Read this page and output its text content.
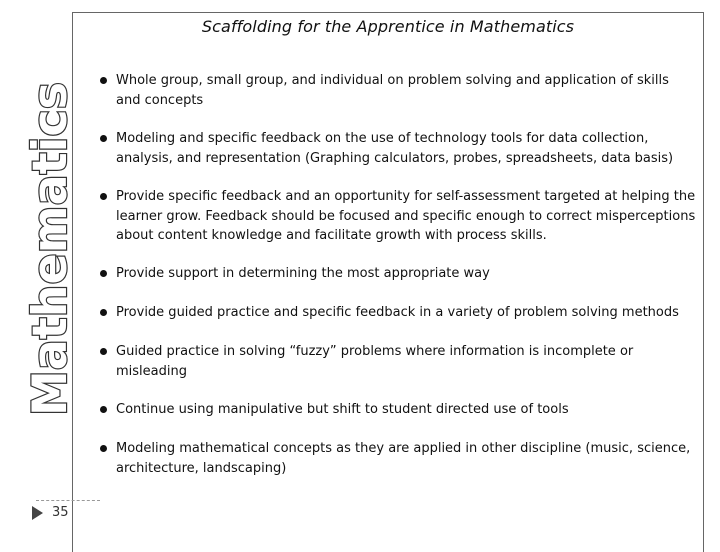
Mathematics
Scaffolding for the Apprentice in Mathematics
Whole group, small group, and individual on problem solving and application of skills and concepts
Modeling and specific feedback on the use of technology tools for data collection, analysis, and representation (Graphing calculators, probes, spreadsheets, data basis)
Provide specific feedback and an opportunity for self-assessment targeted at helping the learner grow. Feedback should be focused and specific enough to correct misperceptions about content knowledge and facilitate growth with process skills.
Provide support in determining the most appropriate way
Provide guided practice and specific feedback in a variety of problem solving methods
Guided practice in solving “fuzzy” problems where information is incomplete or misleading
Continue using manipulative but shift to student directed use of tools
Modeling mathematical concepts as they are applied in other discipline (music, science, architecture, landscaping)
35
